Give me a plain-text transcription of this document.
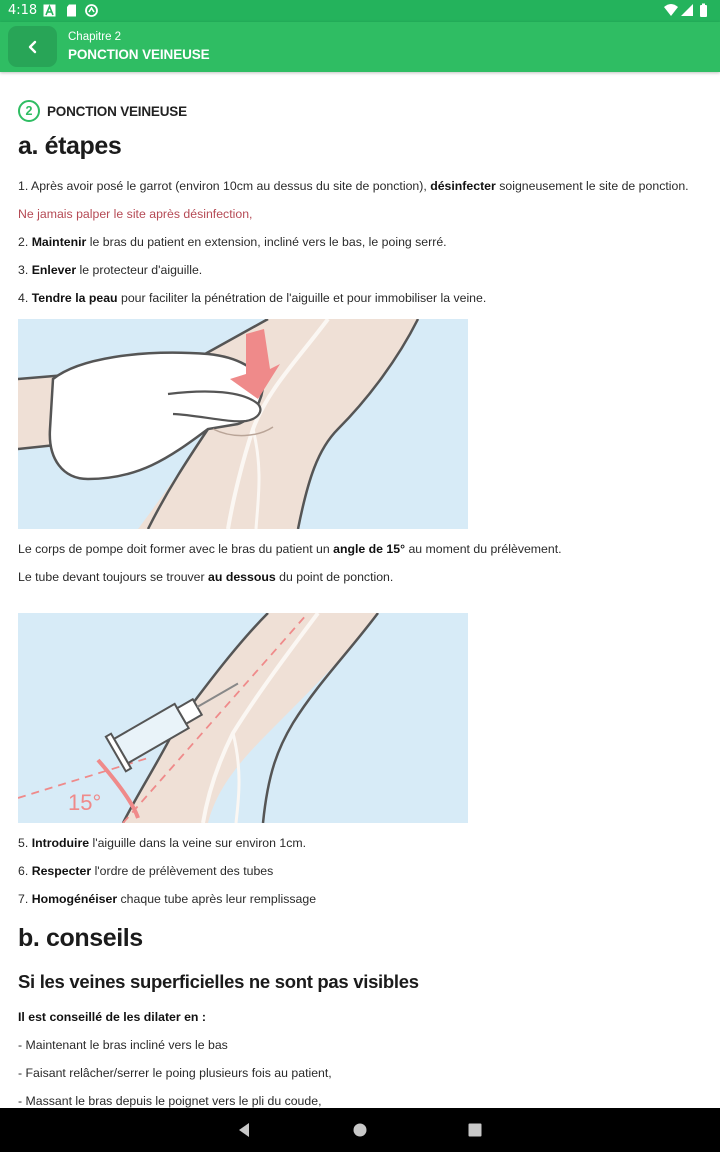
4:18
Chapitre 2
PONCTION VEINEUSE
2	PONCTION VEINEUSE
a. étapes
1. Après avoir posé le garrot (environ 10cm au dessus du site de ponction), désinfecter soigneusement le site de ponction.
Ne jamais palper le site après désinfection,
2. Maintenir le bras du patient en extension, incliné vers le bas, le poing serré.
3. Enlever le protecteur d'aiguille.
4. Tendre la peau pour faciliter la pénétration de l'aiguille et pour immobiliser la veine.
Le corps de pompe doit former avec le bras du patient un angle de 15° au moment du prélèvement.
Le tube devant toujours se trouver au dessous du point de ponction.
15°
5. Introduire l'aiguille dans la veine sur environ 1cm.
6. Respecter l'ordre de prélèvement des tubes
7. Homogénéiser chaque tube après leur remplissage
b. conseils
Si les veines superficielles ne sont pas visibles
Il est conseillé de les dilater en :
- Maintenant le bras incliné vers le bas
- Faisant relâcher/serrer le poing plusieurs fois au patient,
- Massant le bras depuis le poignet vers le pli du coude,
